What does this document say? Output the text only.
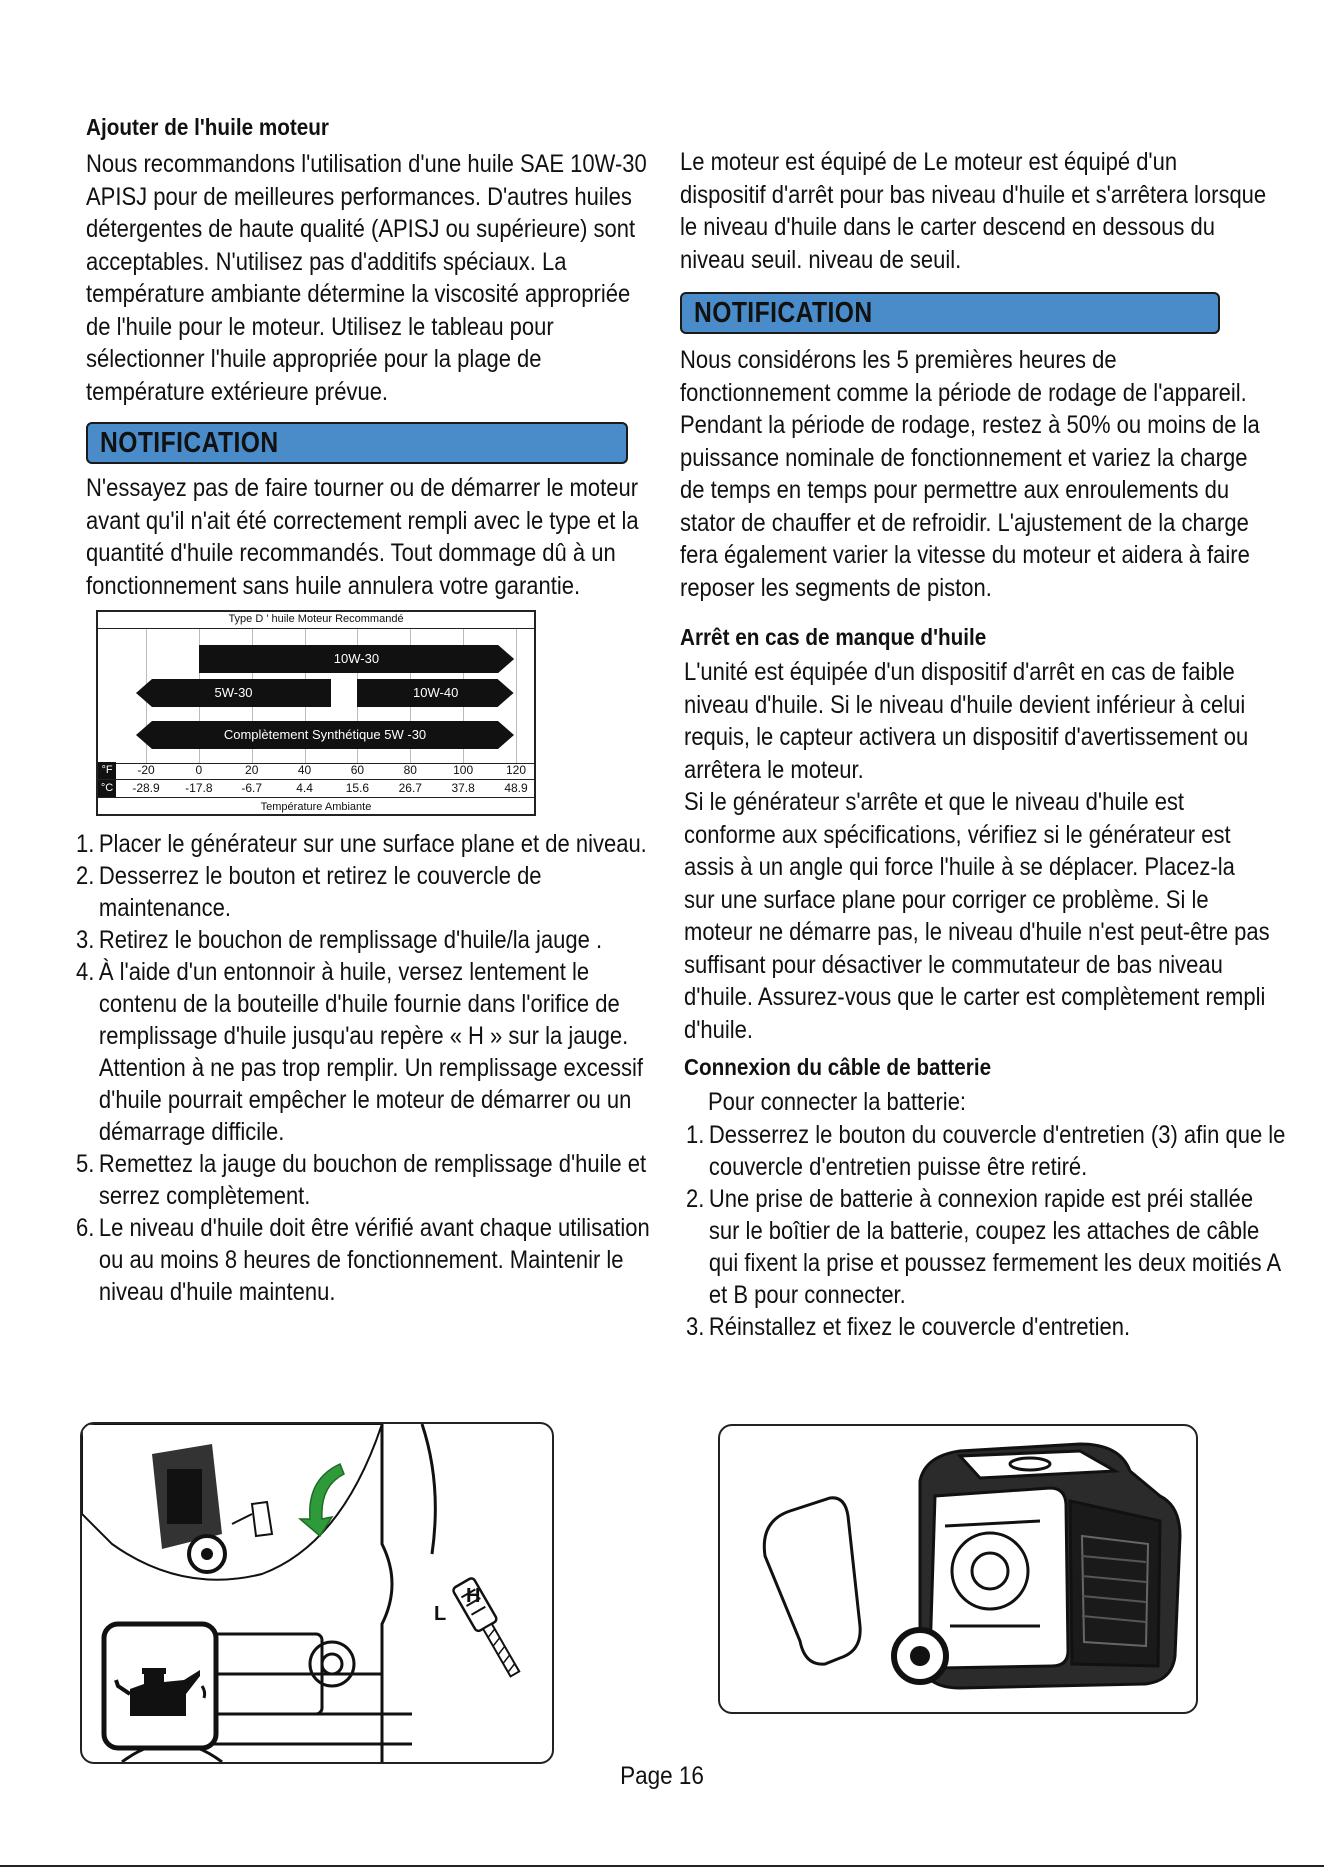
Ajouter de l'huile moteur

Nous recommandons l'utilisation d'une huile SAE 10W-30 APISJ pour de meilleures performances. D'autres huiles détergentes de haute qualité (APISJ ou supérieure) sont acceptables. N'utilisez pas d'additifs spéciaux. La température ambiante détermine la viscosité appropriée de l'huile pour le moteur. Utilisez le tableau pour sélectionner l'huile appropriée pour la plage de température extérieure prévue.

NOTIFICATION

N'essayez pas de faire tourner ou de démarrer le moteur avant qu'il n'ait été correctement rempli avec le type et la quantité d'huile recommandés. Tout dommage dû à un fonctionnement sans huile annulera votre garantie.

Type D ' huile Moteur Recommandé
10W-30
5W-30	10W-40
Complètement Synthétique 5W -30
°F -20	0	20	40	60	80	100	120
°C -28.9 -17.8 -6.7	4.4	15.6 26.7 37.8 48.9
Température Ambiante
1. Placer le générateur sur une surface plane et de niveau.
2. Desserrez le bouton et retirez le couvercle de maintenance.
3. Retirez le bouchon de remplissage d'huile/la jauge .
4. À l'aide d'un entonnoir à huile, versez lentement le contenu de la bouteille d'huile fournie dans l'orifice de remplissage d'huile jusqu'au repère « H » sur la jauge. Attention à ne pas trop remplir. Un remplissage excessif d'huile pourrait empêcher le moteur de démarrer ou un démarrage difficile.
5. Remettez la jauge du bouchon de remplissage d'huile et serrez complètement.
6. Le niveau d'huile doit être vérifié avant chaque utilisation ou au moins 8 heures de fonctionnement. Maintenir le niveau d'huile maintenu.

Le moteur est équipé de Le moteur est équipé d'un dispositif d'arrêt pour bas niveau d'huile et s'arrêtera lorsque le niveau d'huile dans le carter descend en dessous du niveau seuil. niveau de seuil.

NOTIFICATION

Nous considérons les 5 premières heures de fonctionnement comme la période de rodage de l'appareil. Pendant la période de rodage, restez à 50% ou moins de la puissance nominale de fonctionnement et variez la charge de temps en temps pour permettre aux enroulements du stator de chauffer et de refroidir. L'ajustement de la charge fera également varier la vitesse du moteur et aidera à faire reposer les segments de piston.

Arrêt en cas de manque d'huile

L'unité est équipée d'un dispositif d'arrêt en cas de faible niveau d'huile. Si le niveau d'huile devient inférieur à celui requis, le capteur activera un dispositif d'avertissement ou arrêtera le moteur.

Si le générateur s'arrête et que le niveau d'huile est conforme aux spécifications, vérifiez si le générateur est assis à un angle qui force l'huile à se déplacer. Placez-la sur une surface plane pour corriger ce problème. Si le moteur ne démarre pas, le niveau d'huile n'est peut-être pas suffisant pour désactiver le commutateur de bas niveau d'huile. Assurez-vous que le carter est complètement rempli d'huile.

Connexion du câble de batterie

Pour connecter la batterie:

1. Desserrez le bouton du couvercle d'entretien (3) afin que le couvercle d'entretien puisse être retiré.
2. Une prise de batterie à connexion rapide est préi stallée sur le boîtier de la batterie, coupez les attaches de câble qui fixent la prise et poussez fermement les deux moitiés A et B pour connecter.
3. Réinstallez et fixez le couvercle d'entretien.
L
H
Page 16
